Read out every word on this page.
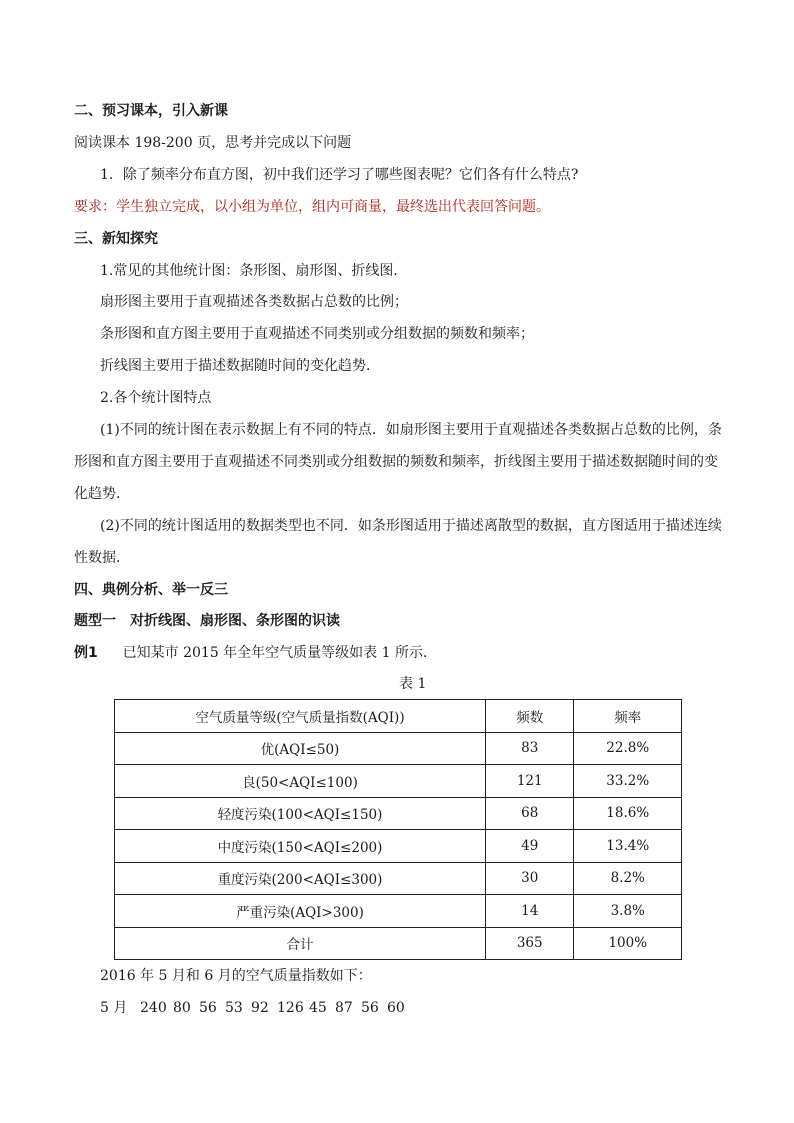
二、预习课本，引入新课
阅读课本 198-200 页，思考并完成以下问题
1．除了频率分布直方图，初中我们还学习了哪些图表呢？它们各有什么特点?
要求：学生独立完成，以小组为单位，组内可商量，最终选出代表回答问题。
三、新知探究
1.常见的其他统计图：条形图、扇形图、折线图．
扇形图主要用于直观描述各类数据占总数的比例；
条形图和直方图主要用于直观描述不同类别或分组数据的频数和频率；
折线图主要用于描述数据随时间的变化趋势．
2.各个统计图特点
(1)不同的统计图在表示数据上有不同的特点．如扇形图主要用于直观描述各类数据占总数的比例，条
形图和直方图主要用于直观描述不同类别或分组数据的频数和频率，折线图主要用于描述数据随时间的变
化趋势．
(2)不同的统计图适用的数据类型也不同．如条形图适用于描述离散型的数据，直方图适用于描述连续
性数据．
四、典例分析、举一反三
题型一　对折线图、扇形图、条形图的识读
例1 已知某市 2015 年全年空气质量等级如表 1 所示．
表 1
空气质量等级(空气质量指数(AQI))	频数	频率
优(AQI≤50)	83	22.8%
良(50<AQI≤100)	121	33.2%
轻度污染(100<AQI≤150)	68	18.6%
中度污染(150<AQI≤200)	49	13.4%
重度污染(200<AQI≤300)	30	8.2%
严重污染(AQI>300)	14	3.8%
合计	365	100%
2016 年 5 月和 6 月的空气质量指数如下：
5 月 240 80 56 53 92 126 45 87 56 60
